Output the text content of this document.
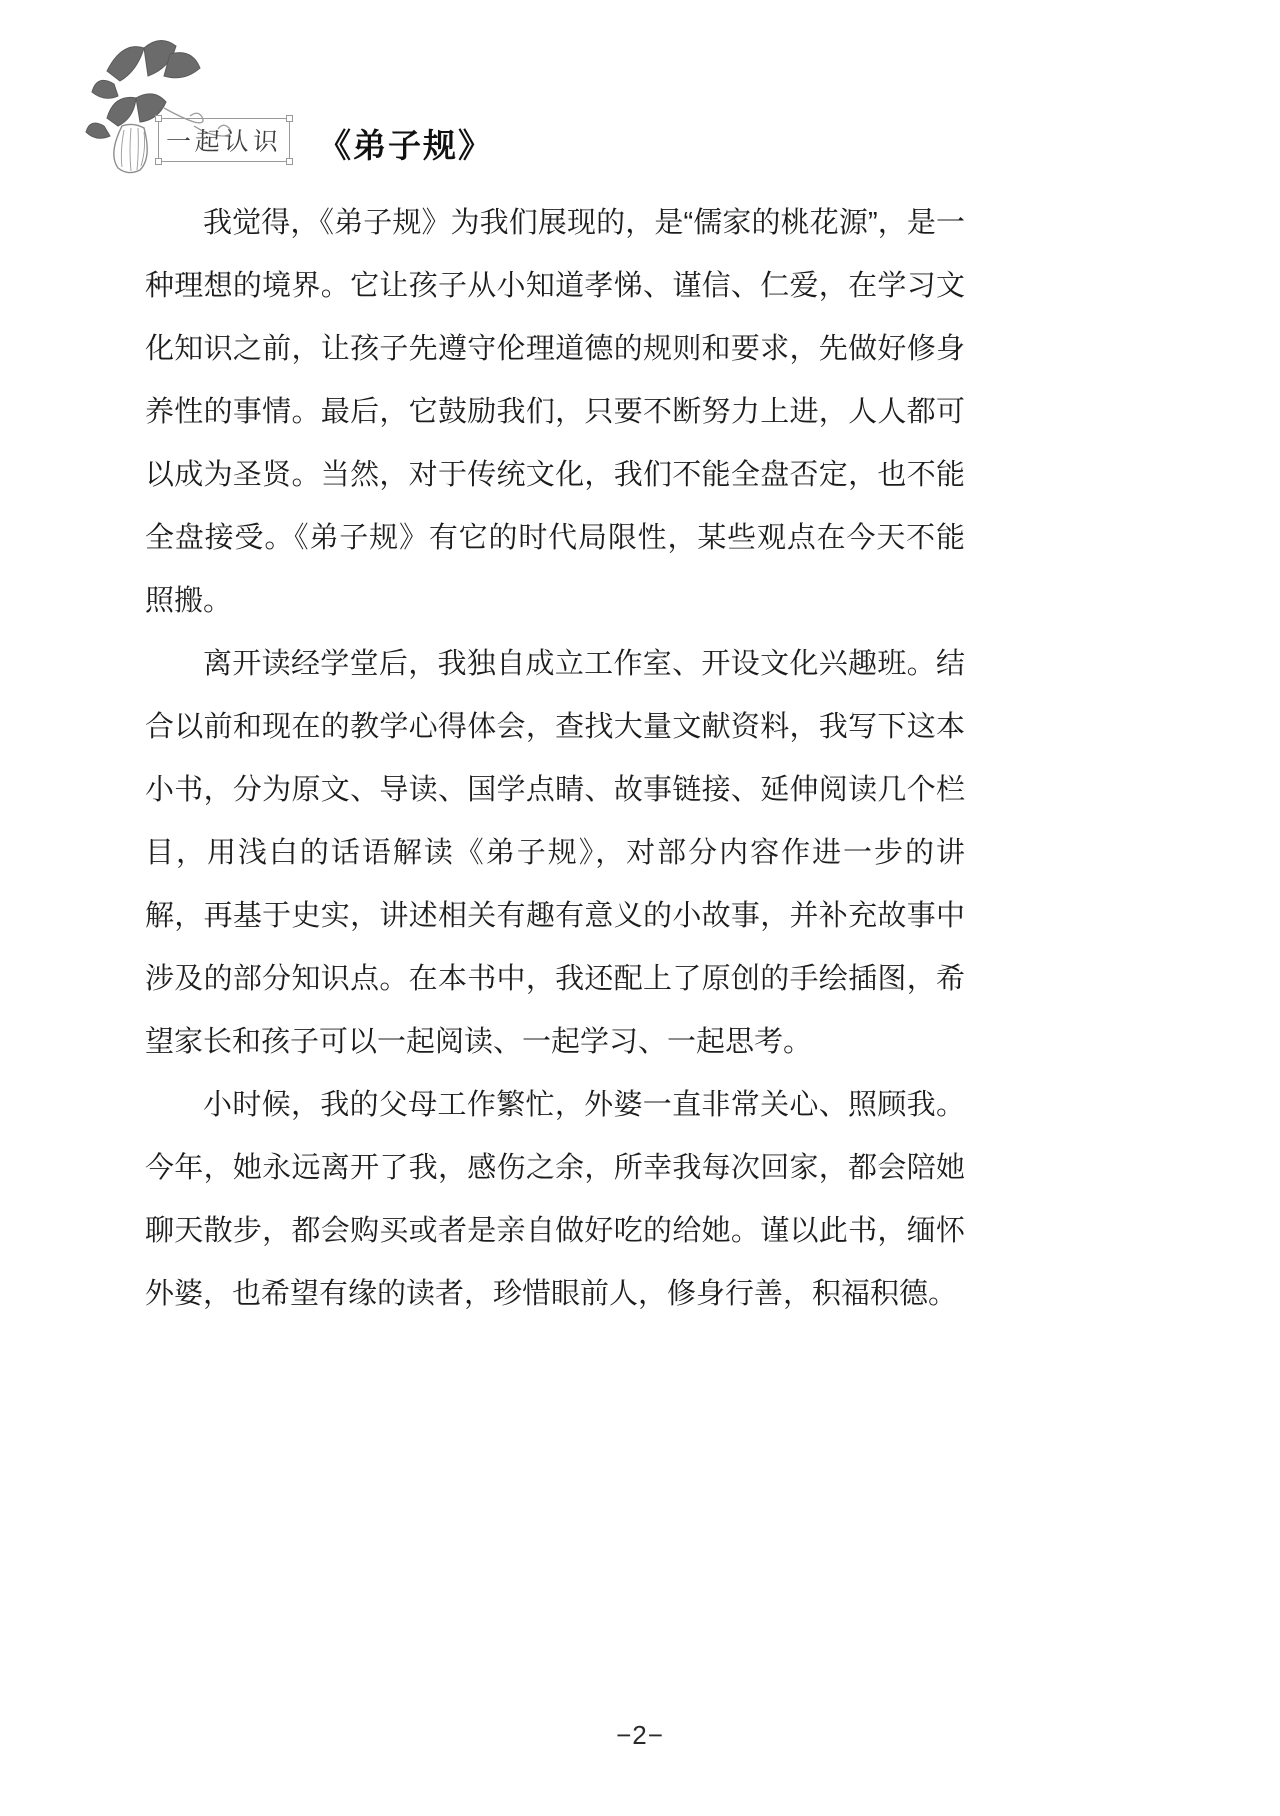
一起认识 《弟子规》

我觉得，《弟子规》为我们展现的，是“儒家的桃花源”，是一种理想的境界。它让孩子从小知道孝悌、谨信、仁爱，在学习文化知识之前，让孩子先遵守伦理道德的规则和要求，先做好修身养性的事情。最后，它鼓励我们，只要不断努力上进，人人都可以成为圣贤。当然，对于传统文化，我们不能全盘否定，也不能全盘接受。《弟子规》有它的时代局限性，某些观点在今天不能照搬。

离开读经学堂后，我独自成立工作室、开设文化兴趣班。结合以前和现在的教学心得体会，查找大量文献资料，我写下这本小书，分为原文、导读、国学点睛、故事链接、延伸阅读几个栏目，用浅白的话语解读《弟子规》，对部分内容作进一步的讲解，再基于史实，讲述相关有趣有意义的小故事，并补充故事中涉及的部分知识点。在本书中，我还配上了原创的手绘插图，希望家长和孩子可以一起阅读、一起学习、一起思考。

小时候，我的父母工作繁忙，外婆一直非常关心、照顾我。今年，她永远离开了我，感伤之余，所幸我每次回家，都会陪她聊天散步，都会购买或者是亲自做好吃的给她。谨以此书，缅怀外婆，也希望有缘的读者，珍惜眼前人，修身行善，积福积德。

−2−
